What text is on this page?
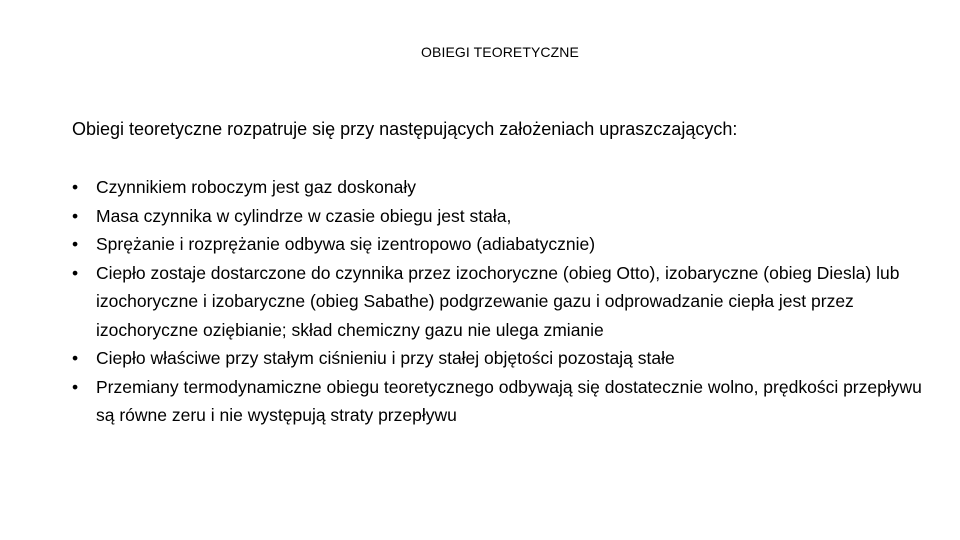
OBIEGI TEORETYCZNE
Obiegi teoretyczne rozpatruje się przy następujących założeniach upraszczających:
•	Czynnikiem roboczym jest gaz doskonały
•	Masa czynnika w cylindrze w czasie obiegu jest stała,
•	Sprężanie i rozprężanie odbywa się izentropowo (adiabatycznie)
•	Ciepło zostaje dostarczone do czynnika przez izochoryczne (obieg Otto), izobaryczne (obieg Diesla) lub izochoryczne i izobaryczne (obieg Sabathe) podgrzewanie gazu i odprowadzanie ciepła jest przez izochoryczne oziębianie; skład chemiczny gazu nie ulega zmianie
•	Ciepło właściwe przy stałym ciśnieniu i przy stałej objętości pozostają stałe
•	Przemiany termodynamiczne obiegu teoretycznego odbywają się dostatecznie wolno, prędkości przepływu są równe zeru i nie występują straty przepływu
